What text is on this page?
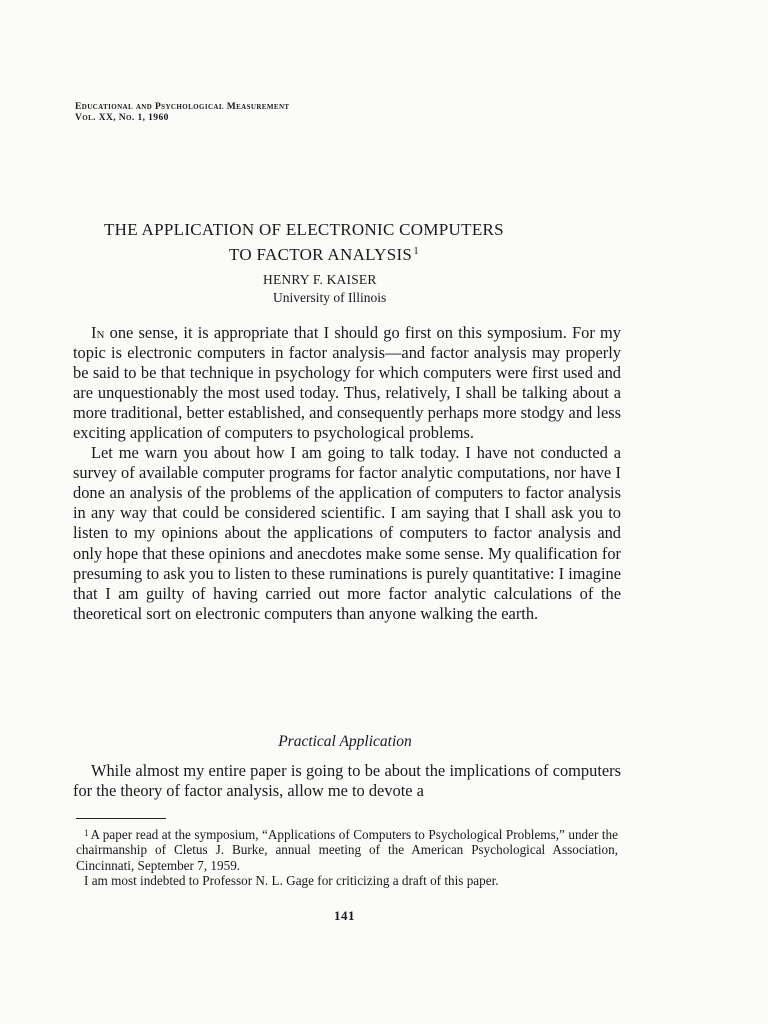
Educational and Psychological Measurement
Vol. XX, No. 1, 1960
THE APPLICATION OF ELECTRONIC COMPUTERS
TO FACTOR ANALYSIS$^1$
HENRY F. KAISER
University of Illinois

In one sense, it is appropriate that I should go first on this symposium. For my topic is electronic computers in factor analysis—and factor analysis may properly be said to be that technique in psychology for which computers were first used and are unquestionably the most used today. Thus, relatively, I shall be talking about a more traditional, better established, and consequently perhaps more stodgy and less exciting application of computers to psychological problems.

Let me warn you about how I am going to talk today. I have not conducted a survey of available computer programs for factor analytic computations, nor have I done an analysis of the problems of the application of computers to factor analysis in any way that could be considered scientific. I am saying that I shall ask you to listen to my opinions about the applications of computers to factor analysis and only hope that these opinions and anecdotes make some sense. My qualification for presuming to ask you to listen to these ruminations is purely quantitative: I imagine that I am guilty of having carried out more factor analytic calculations of the theoretical sort on electronic computers than anyone walking the earth.

Practical Application

While almost my entire paper is going to be about the implications of computers for the theory of factor analysis, allow me to devote a

$^1$ A paper read at the symposium, “Applications of Computers to Psychological Problems,” under the chairmanship of Cletus J. Burke, annual meeting of the American Psychological Association, Cincinnati, September 7, 1959.

I am most indebted to Professor N. L. Gage for criticizing a draft of this paper.

141
